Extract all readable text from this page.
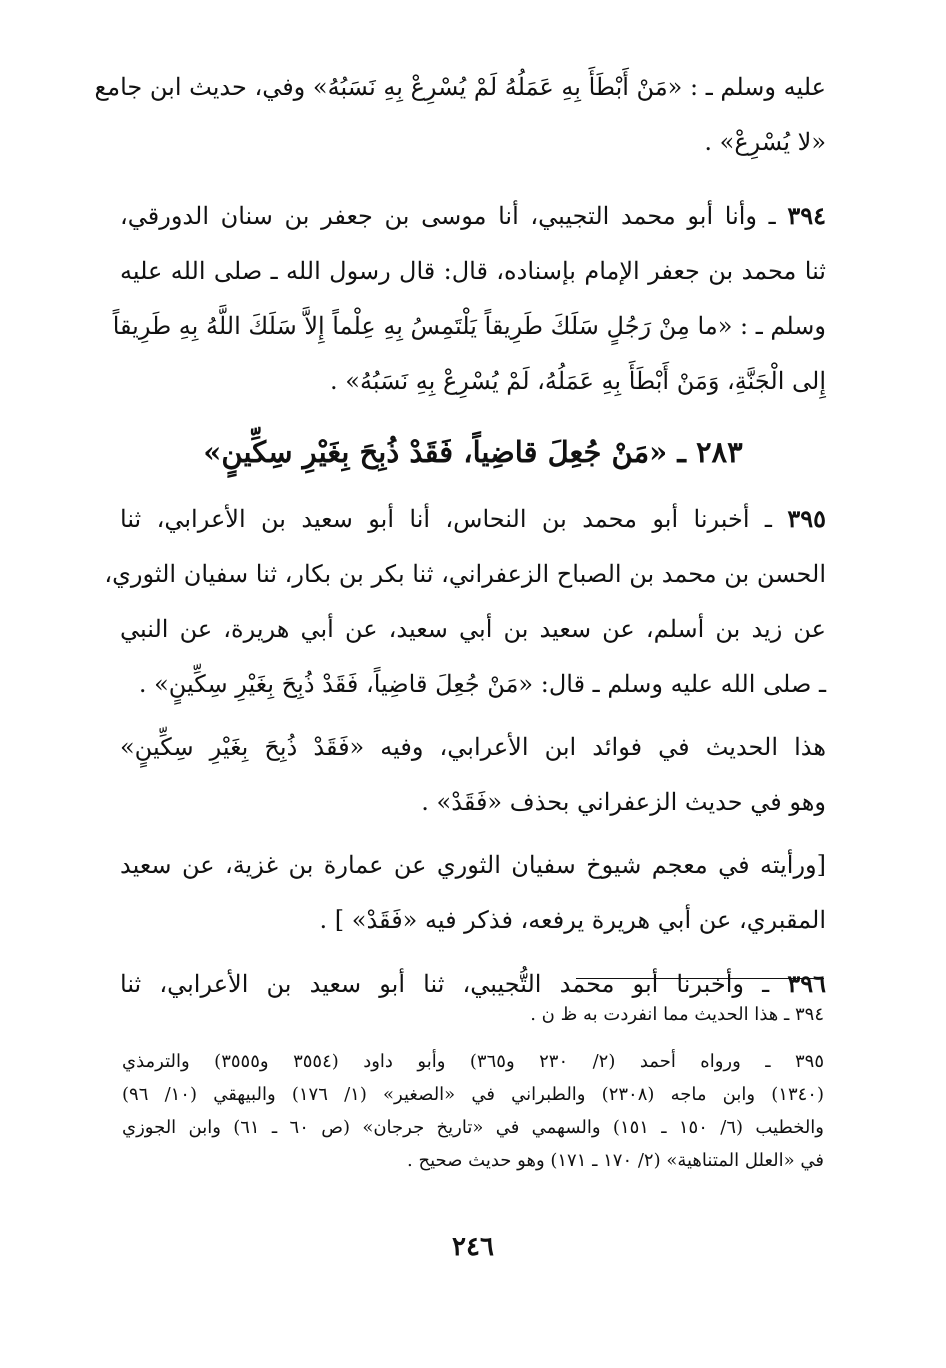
عليه وسلم ـ : «مَنْ أَبْطَأَ بِهِ عَمَلُهُ لَمْ يُسْرِعْ بِهِ نَسَبُهُ» وفي، حديث ابن جامع
«لا يُسْرِعْ» .

٣٩٤ ـ وأنا أبو محمد التجيبي، أنا موسى بن جعفر بن سنان الدورقي،
ثنا محمد بن جعفر الإمام بإسناده، قال: قال رسول الله ـ صلى الله عليه
وسلم ـ : «ما مِنْ رَجُلٍ سَلَكَ طَرِيقاً يَلْتَمِسُ بِهِ عِلْماً إِلاَّ سَلَكَ اللَّهُ بِهِ طَرِيقاً
إِلى الْجَنَّةِ، وَمَنْ أَبْطَأَ بِهِ عَمَلُهُ، لَمْ يُسْرِعْ بِهِ نَسَبُهُ» .

٢٨٣ ـ «مَنْ جُعِلَ قاضِياً، فَقَدْ ذُبِحَ بِغَيْرِ سِكِّينٍ»

٣٩٥ ـ أخبرنا أبو محمد بن النحاس، أنا أبو سعيد بن الأعرابي، ثنا
الحسن بن محمد بن الصباح الزعفراني، ثنا بكر بن بكار، ثنا سفيان الثوري،
عن زيد بن أسلم، عن سعيد بن أبي سعيد، عن أبي هريرة، عن النبي
ـ صلى الله عليه وسلم ـ قال: «مَنْ جُعِلَ قاضِياً، فَقَدْ ذُبِحَ بِغَيْرِ سِكِّينٍ» .

هذا الحديث في فوائد ابن الأعرابي، وفيه «فَقَدْ ذُبِحَ بِغَيْرِ سِكِّينٍ»
وهو في حديث الزعفراني بحذف «فَقَدْ» .

[ورأيته في معجم شيوخ سفيان الثوري عن عمارة بن غزية، عن سعيد
المقبري، عن أبي هريرة يرفعه، فذكر فيه «فَقَدْ» ] .

٣٩٦ ـ وأخبرنا أبو محمد التُّجيبي، ثنا أبو سعيد بن الأعرابي، ثنا

٣٩٤ ـ هذا الحديث مما انفردت به ظ ن .

٣٩٥ ـ ورواه أحمد (٢/ ٢٣٠ و٣٦٥) وأبو داود (٣٥٥٤ و٣٥٥٥) والترمذي
(١٣٤٠) وابن ماجه (٢٣٠٨) والطبراني في «الصغير» (١/ ١٧٦) والبيهقي (١٠/ ٩٦)
والخطيب (٦/ ١٥٠ ـ ١٥١) والسهمي في «تاريخ جرجان» (ص ٦٠ ـ ٦١) وابن الجوزي
في «العلل المتناهية» (٢/ ١٧٠ ـ ١٧١) وهو حديث صحيح .

٢٤٦
